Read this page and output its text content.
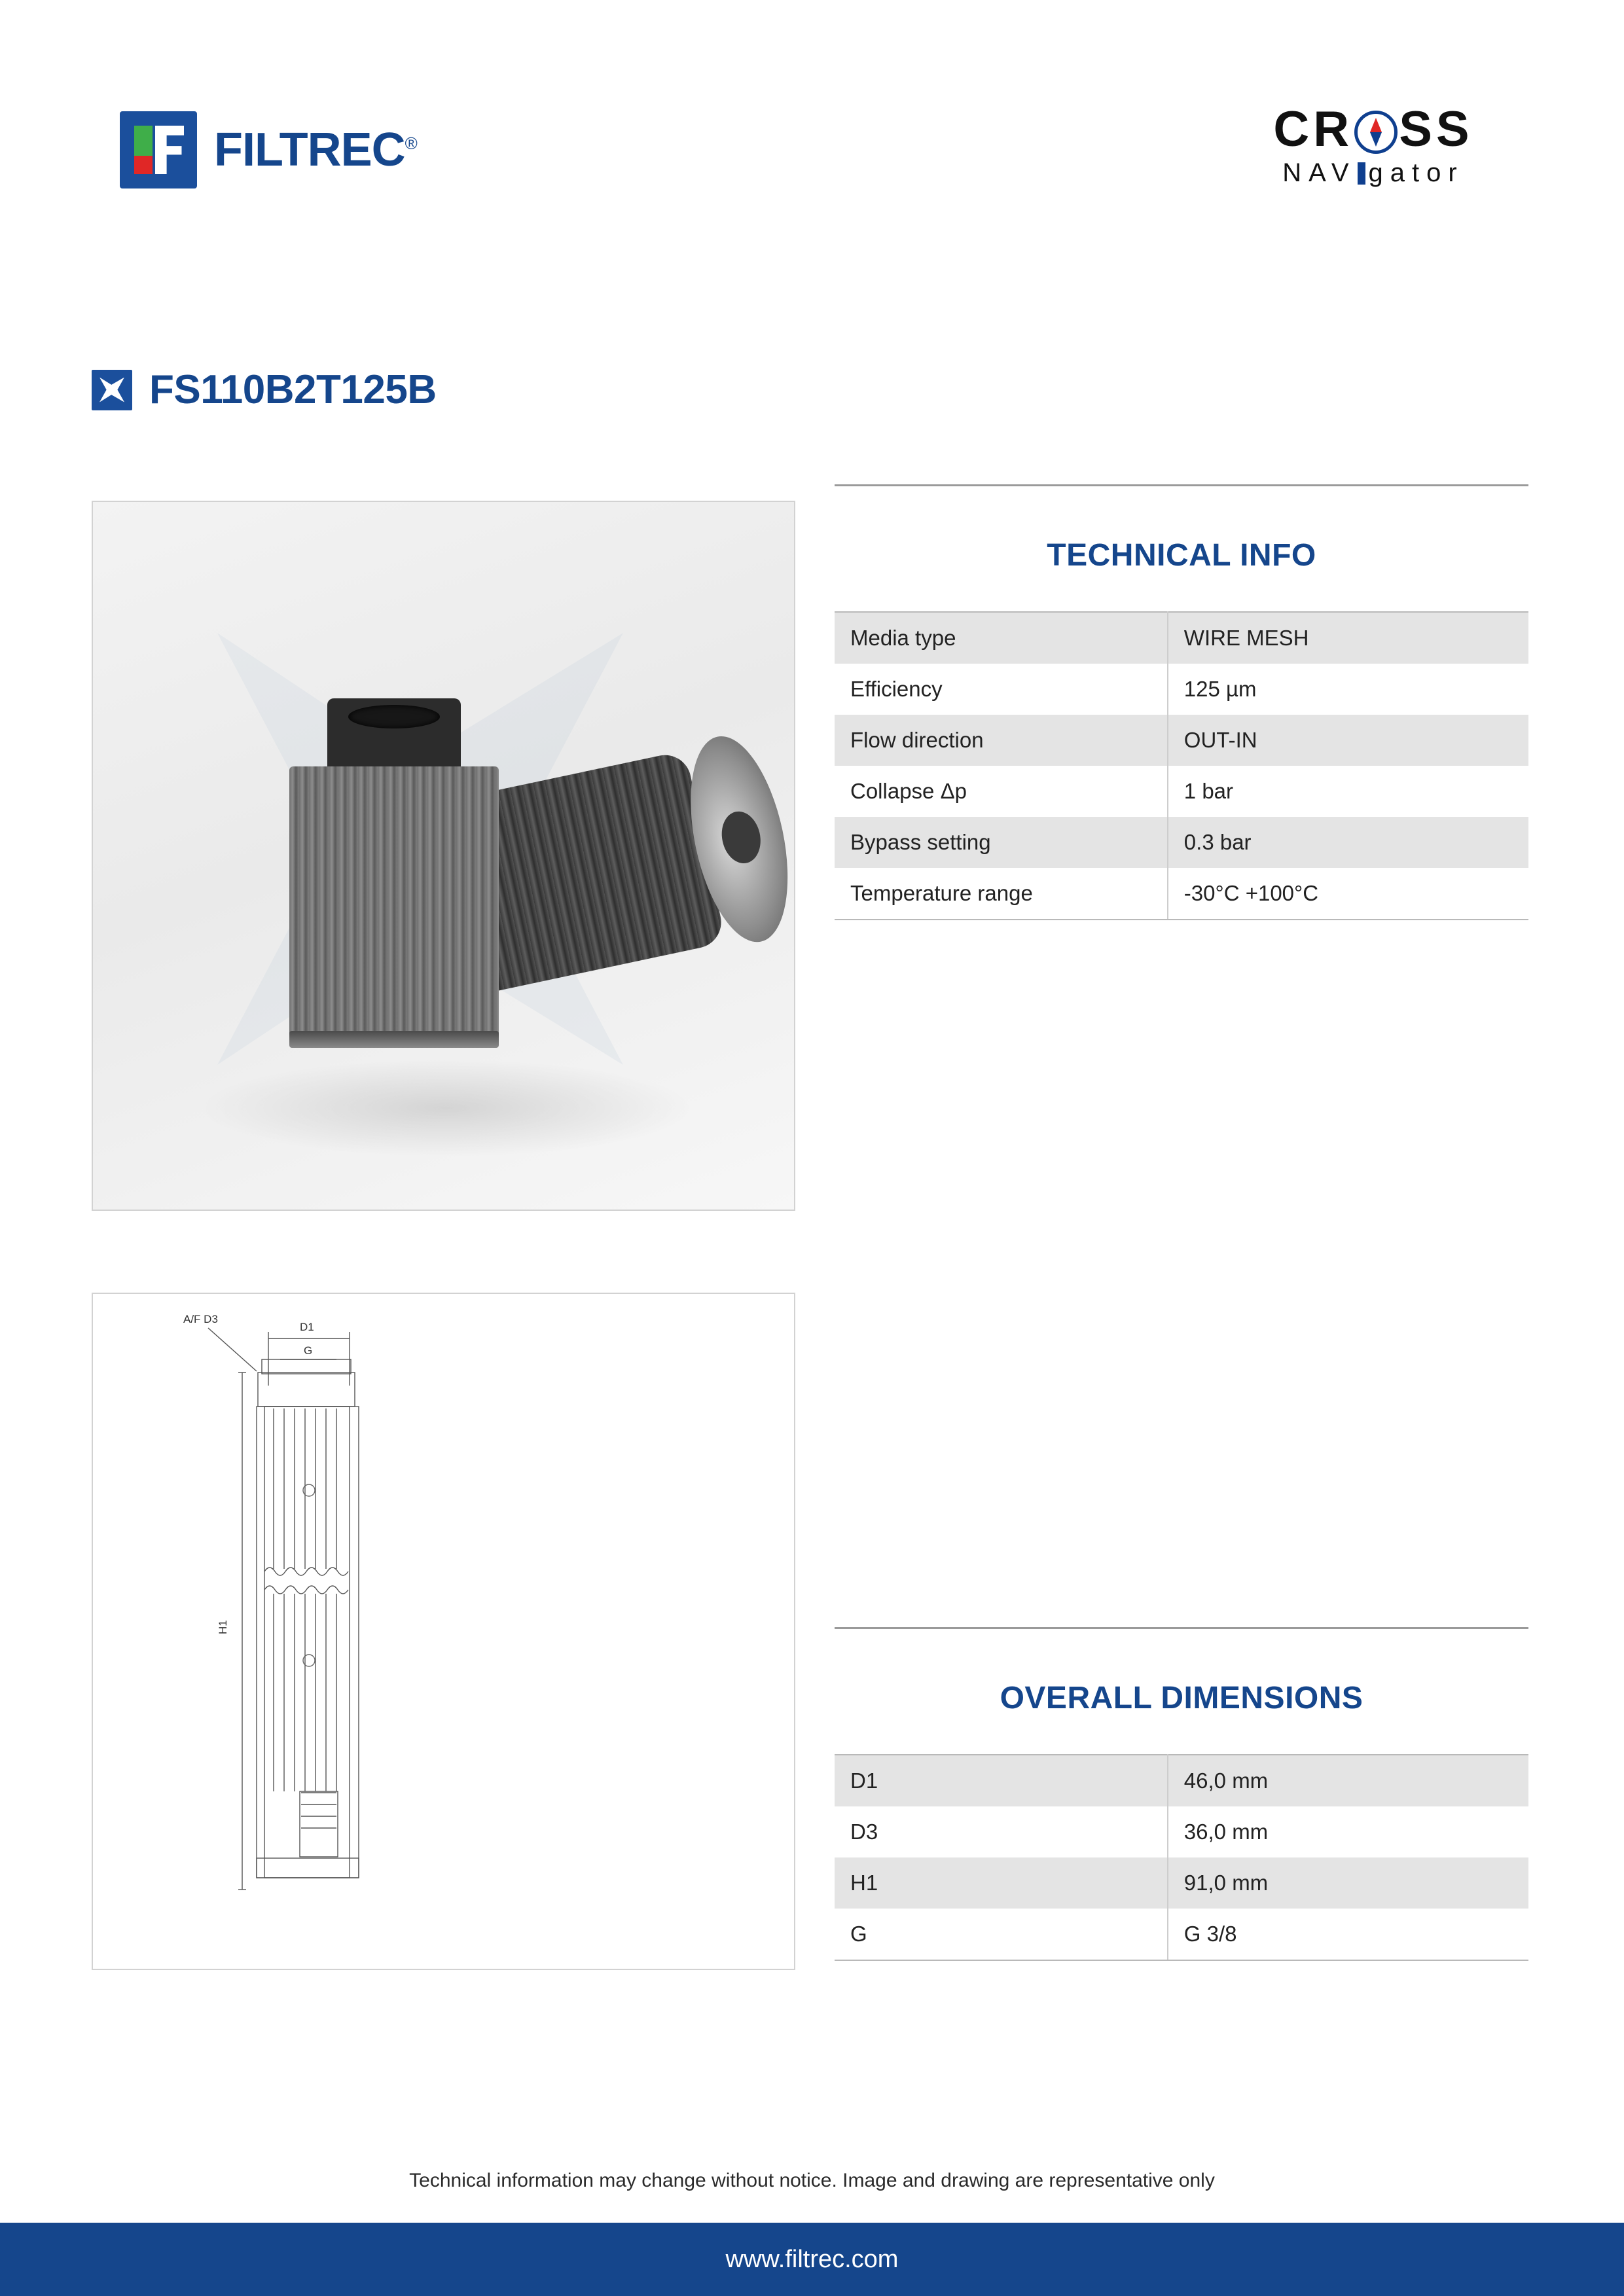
FILTREC®	CR SS
NAV gator
FS110B2T125B
A/F D3
D1
G
H1
TECHNICAL INFO
Media type	WIRE MESH
Efficiency	125 µm
Flow direction	OUT-IN
Collapse Δp	1 bar
Bypass setting	0.3 bar
Temperature range	-30°C +100°C
OVERALL DIMENSIONS
D1	46,0 mm
D3	36,0 mm
H1	91,0 mm
G	G 3/8
Technical information may change without notice. Image and drawing are representative only
www.filtrec.com
